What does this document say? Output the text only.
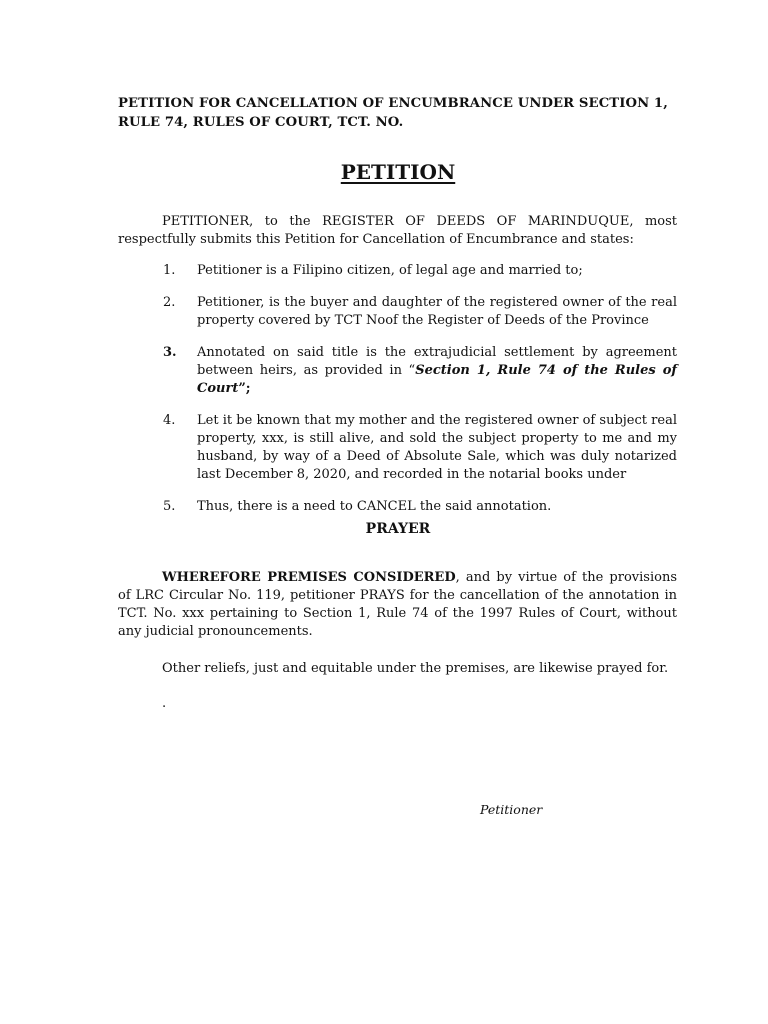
PETITION FOR CANCELLATION OF ENCUMBRANCE UNDER SECTION 1, RULE 74, RULES OF COURT, TCT. NO.
PETITION
PETITIONER, to the REGISTER OF DEEDS OF MARINDUQUE, most respectfully submits this Petition for Cancellation of Encumbrance and states:
1.	Petitioner is a Filipino citizen, of legal age and married to;
2.	Petitioner, is the buyer and daughter of the registered owner of the real property covered by TCT Noof the Register of Deeds of the Province
3.	Annotated on said title is the extrajudicial settlement by agreement between heirs, as provided in “Section 1, Rule 74 of the Rules of Court”;
4.	Let it be known that my mother and the registered owner of subject real property, xxx, is still alive, and sold the subject property to me and my husband, by way of a Deed of Absolute Sale, which was duly notarized last December 8, 2020, and recorded in the notarial books under
5.	Thus, there is a need to CANCEL the said annotation.
PRAYER
WHEREFORE PREMISES CONSIDERED, and by virtue of the provisions of LRC Circular No. 119, petitioner PRAYS for the cancellation of the annotation in TCT. No. xxx pertaining to Section 1, Rule 74 of the 1997 Rules of Court, without any judicial pronouncements.
Other reliefs, just and equitable under the premises, are likewise prayed for.
.
Petitioner
